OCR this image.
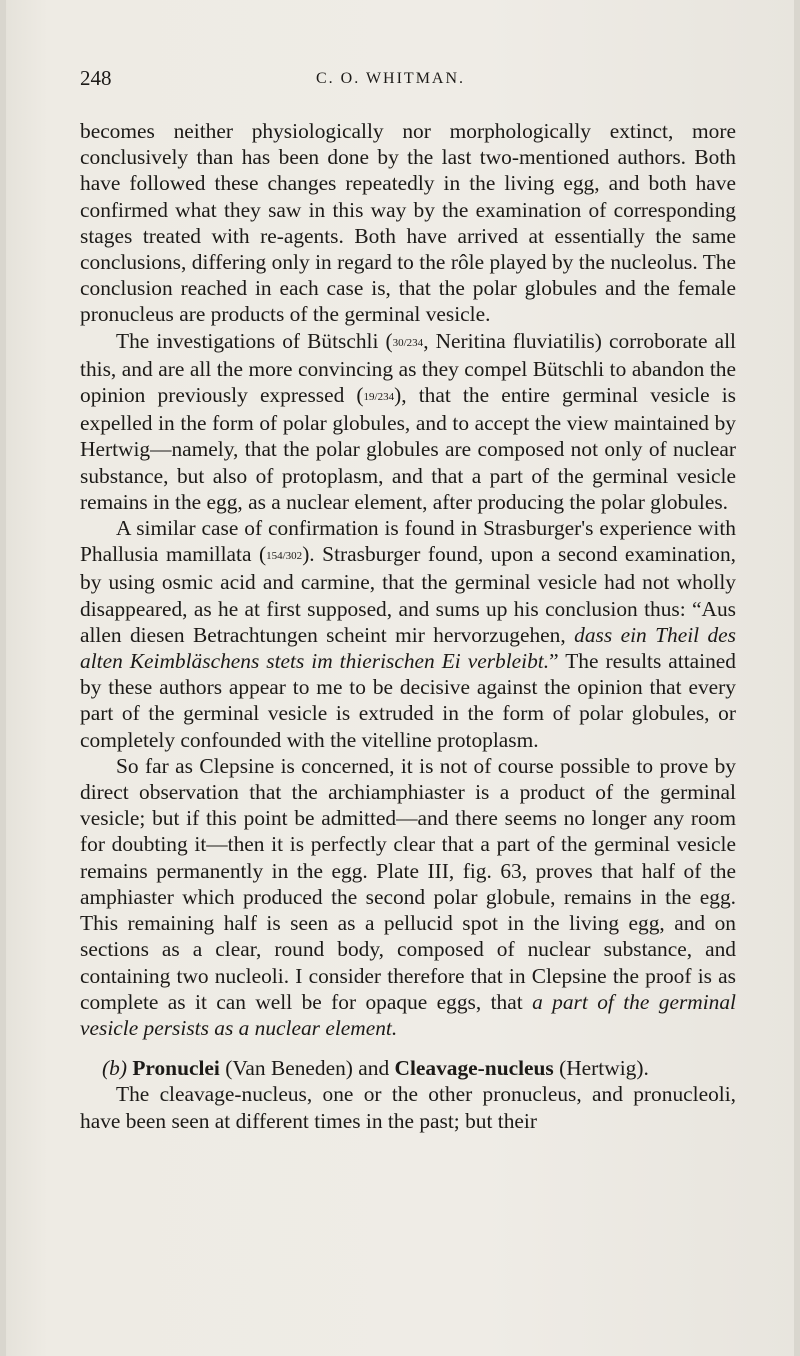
248	C. O. WHITMAN.

becomes neither physiologically nor morphologically extinct, more conclusively than has been done by the last two-mentioned authors. Both have followed these changes repeatedly in the living egg, and both have confirmed what they saw in this way by the examination of corresponding stages treated with re-agents. Both have arrived at essentially the same conclusions, differing only in regard to the rôle played by the nucleolus. The conclusion reached in each case is, that the polar globules and the female pronucleus are products of the germinal vesicle.

The investigations of Bütschli (30/234, Neritina fluviatilis) corroborate all this, and are all the more convincing as they compel Bütschli to abandon the opinion previously expressed (19/234), that the entire germinal vesicle is expelled in the form of polar globules, and to accept the view maintained by Hertwig—namely, that the polar globules are composed not only of nuclear substance, but also of protoplasm, and that a part of the germinal vesicle remains in the egg, as a nuclear element, after producing the polar globules.

A similar case of confirmation is found in Strasburger's experience with Phallusia mamillata (154/302). Strasburger found, upon a second examination, by using osmic acid and carmine, that the germinal vesicle had not wholly disappeared, as he at first supposed, and sums up his conclusion thus: “Aus allen diesen Betrachtungen scheint mir hervorzugehen, dass ein Theil des alten Keimbläschens stets im thierischen Ei verbleibt.” The results attained by these authors appear to me to be decisive against the opinion that every part of the germinal vesicle is extruded in the form of polar globules, or completely confounded with the vitelline protoplasm.

So far as Clepsine is concerned, it is not of course possible to prove by direct observation that the archiamphiaster is a product of the germinal vesicle; but if this point be admitted—and there seems no longer any room for doubting it—then it is perfectly clear that a part of the germinal vesicle remains permanently in the egg. Plate III, fig. 63, proves that half of the amphiaster which produced the second polar globule, remains in the egg. This remaining half is seen as a pellucid spot in the living egg, and on sections as a clear, round body, composed of nuclear substance, and containing two nucleoli. I consider therefore that in Clepsine the proof is as complete as it can well be for opaque eggs, that a part of the germinal vesicle persists as a nuclear element.

(b) Pronuclei (Van Beneden) and Cleavage-nucleus (Hertwig).

The cleavage-nucleus, one or the other pronucleus, and pronucleoli, have been seen at different times in the past; but their
